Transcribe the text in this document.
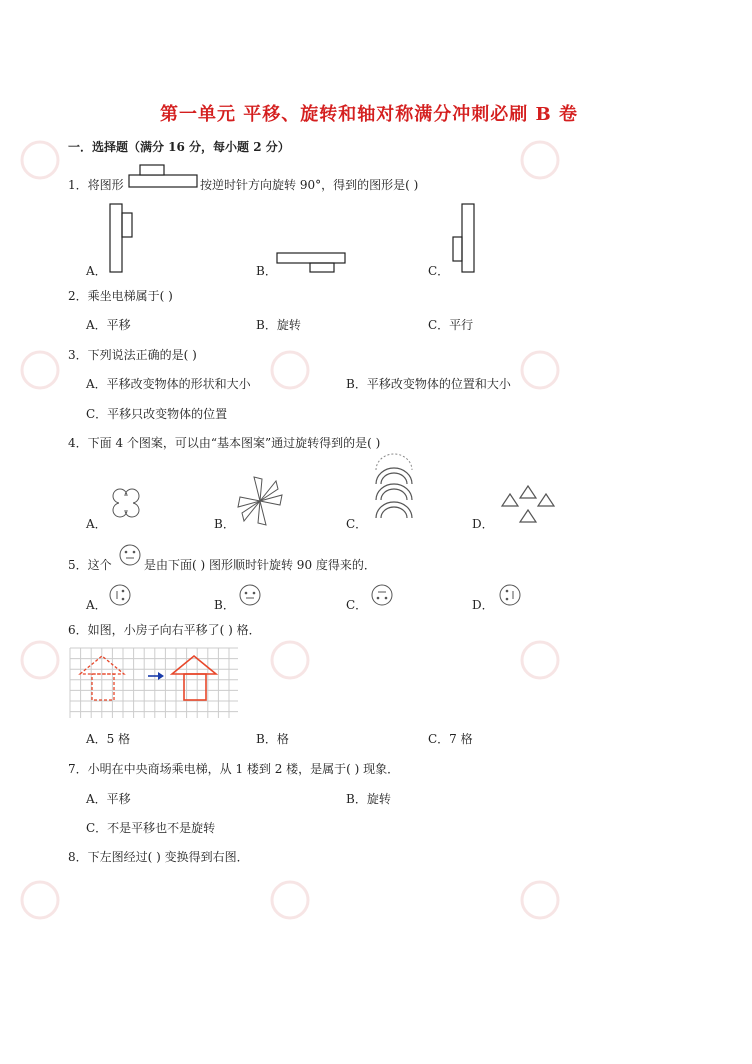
第一单元 平移、旋转和轴对称满分冲刺必刷 B 卷
一．选择题（满分 16 分，每小题 2 分）
1．将图形	按逆时针方向旋转 90°，得到的图形是( )
A．	B．	C．
2．乘坐电梯属于( )
A．平移	B．旋转	C．平行
3．下列说法正确的是( )
A．平移改变物体的形状和大小	B．平移改变物体的位置和大小
C．平移只改变物体的位置
4．下面 4 个图案，可以由“基本图案”通过旋转得到的是( )
A．	B．	C．	D．
5．这个	是由下面( ) 图形顺时针旋转 90 度得来的．
A．	B．	C．	D．
6．如图，小房子向右平移了( ) 格．
A．5 格	B．格	C．7 格
7．小明在中央商场乘电梯，从 1 楼到 2 楼，是属于( ) 现象．
A．平移	B．旋转
C．不是平移也不是旋转
8．下左图经过( ) 变换得到右图．
